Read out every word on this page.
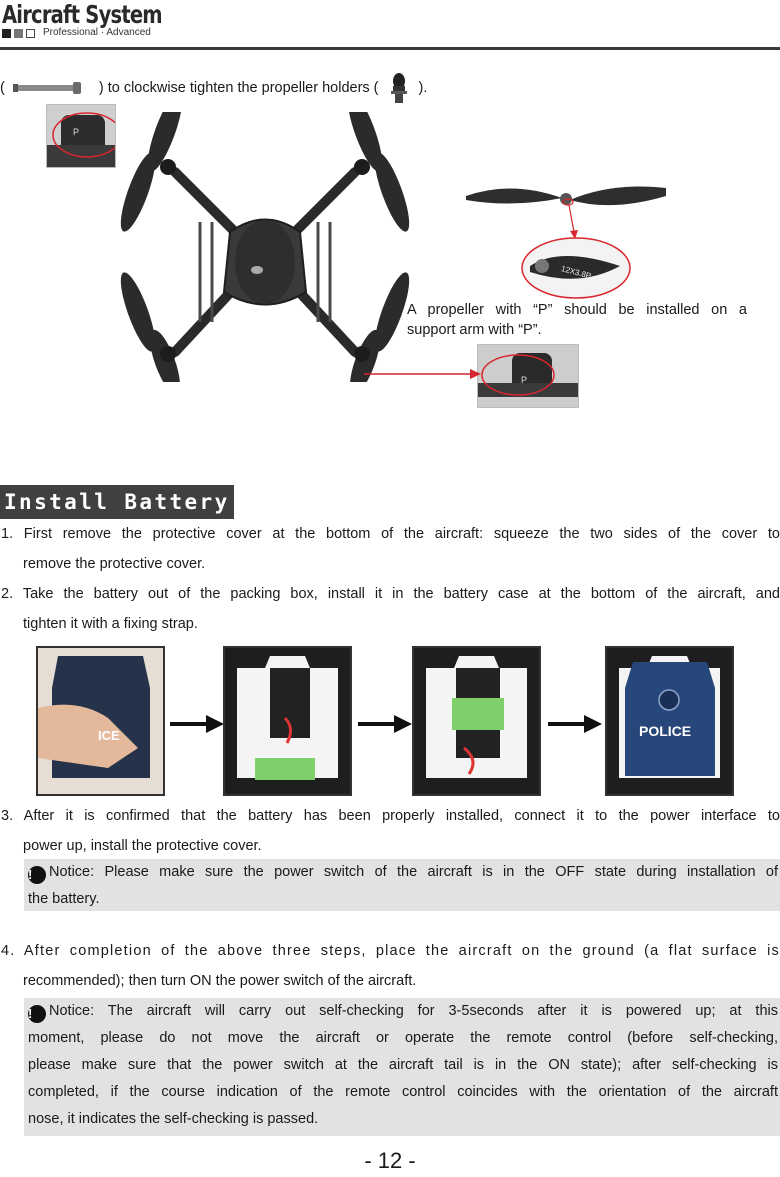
Aircraft System
Professional · Advanced
(	) to clockwise tighten the propeller holders (	).
P
12X3.8P
A propeller with “P” should be installed on a
support arm with “P”.
P
Install Battery
1. First remove the protective cover at the bottom of the aircraft: squeeze the two sides of the cover to
remove the protective cover.
2. Take the battery out of the packing box, install it in the battery case at the bottom of the aircraft, and
tighten it with a fixing strap.
ICE	POLICE
3. After it is confirmed that the battery has been properly installed, connect it to the power interface to
power up, install the protective cover.
! Notice: Please make sure the power switch of the aircraft is in the OFF state during installation of
the battery.
4. After completion of the above three steps, place the aircraft on the ground (a flat surface is
recommended); then turn ON the power switch of the aircraft.
! Notice: The aircraft will carry out self-checking for 3-5seconds after it is powered up; at this
moment, please do not move the aircraft or operate the remote control (before self-checking,
please make sure that the power switch at the aircraft tail is in the ON state); after self-checking is
completed, if the course indication of the remote control coincides with the orientation of the aircraft
nose, it indicates the self-checking is passed.
- 12 -
